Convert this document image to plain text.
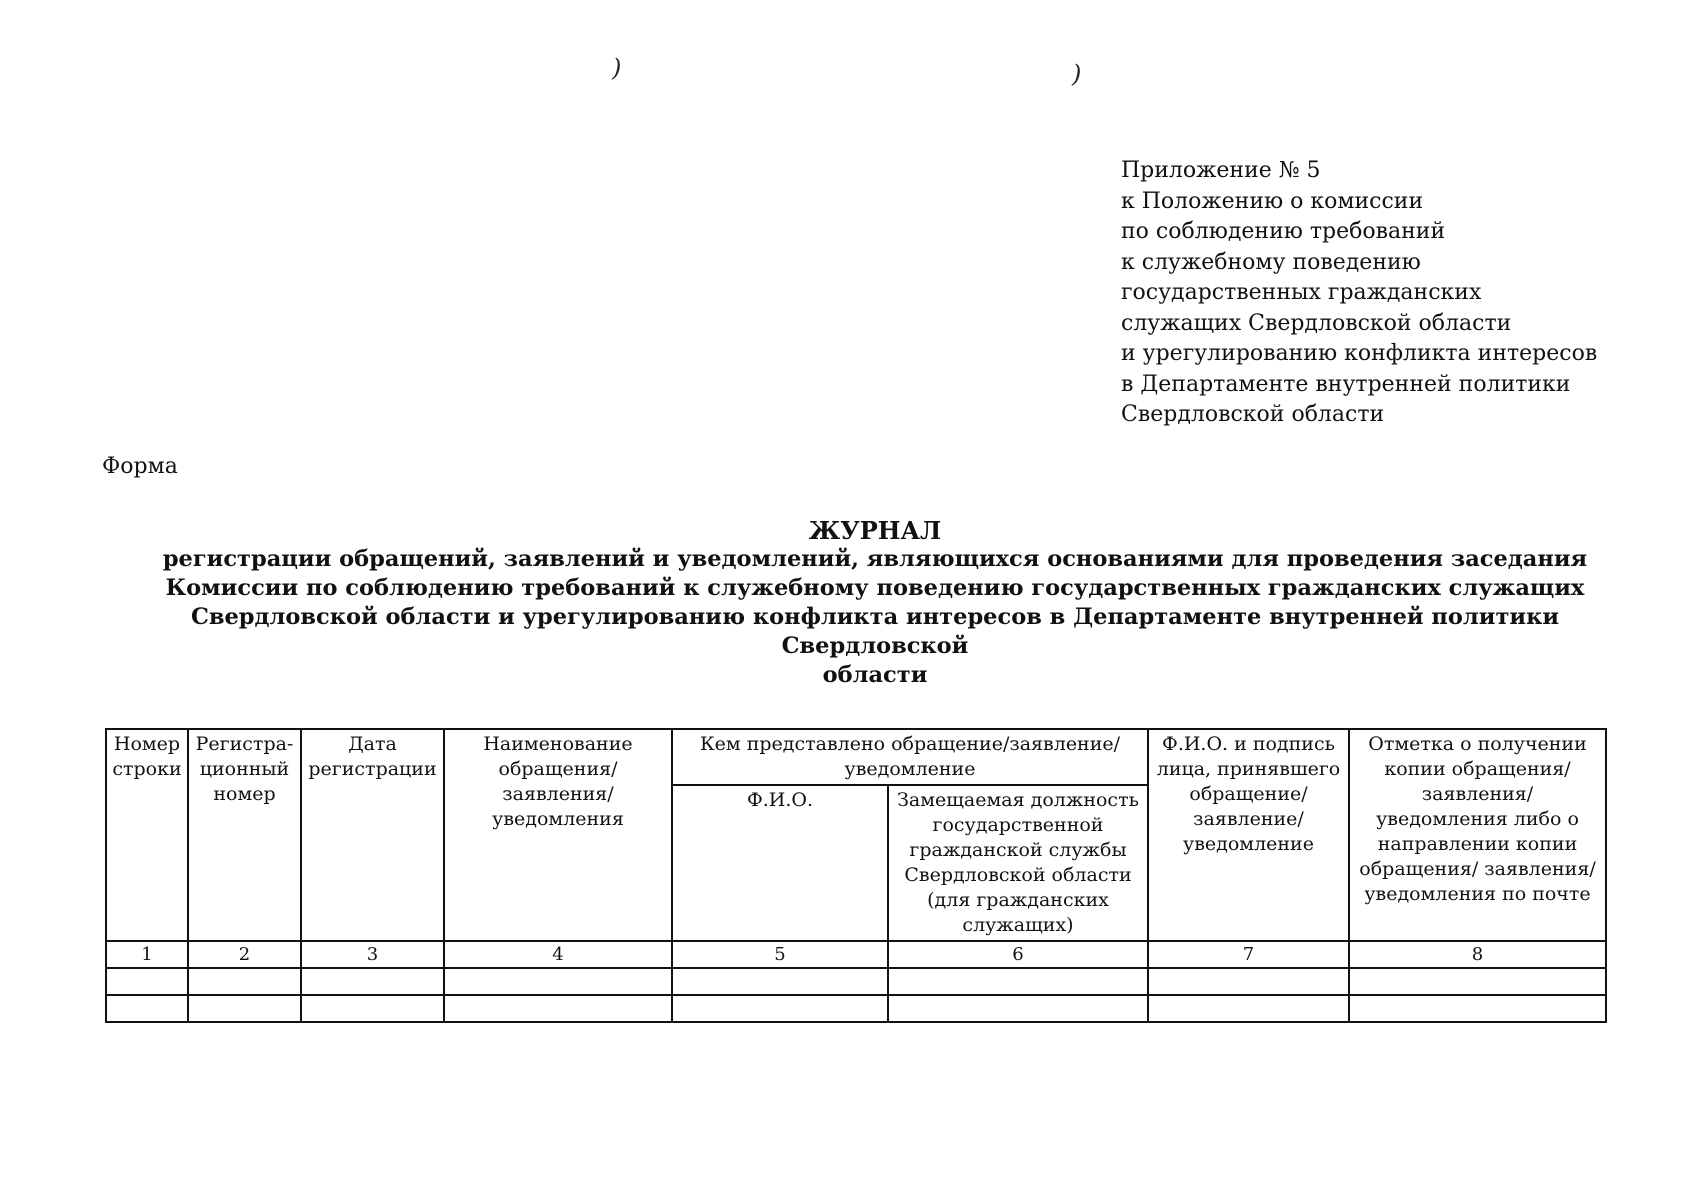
)	)
Приложение № 5
к Положению о комиссии
по соблюдению требований
к служебному поведению
государственных гражданских
служащих Свердловской области
и урегулированию конфликта интересов
в Департаменте внутренней политики
Свердловской области
Форма
ЖУРНАЛ
регистрации обращений, заявлений и уведомлений, являющихся основаниями для проведения заседания
Комиссии по соблюдению требований к служебному поведению государственных гражданских служащих
Свердловской области и урегулированию конфликта интересов в Департаменте внутренней политики Свердловской
области
Номер строки	Регистра-ционный номер	Дата регистрации	Наименование обращения/заявления/ уведомления	Кем представлено обращение/заявление/уведомление		Ф.И.О. и подпись лица, принявшего обращение/ заявление/ уведомление	Отметка о получении копии обращения/ заявления/ уведомления либо о направлении копии обращения/ заявления/ уведомления по почте
				Ф.И.О.	Замещаемая должность государственной гражданской службы Свердловской области (для гражданских служащих)		
1	2	3	4	5	6	7	8
